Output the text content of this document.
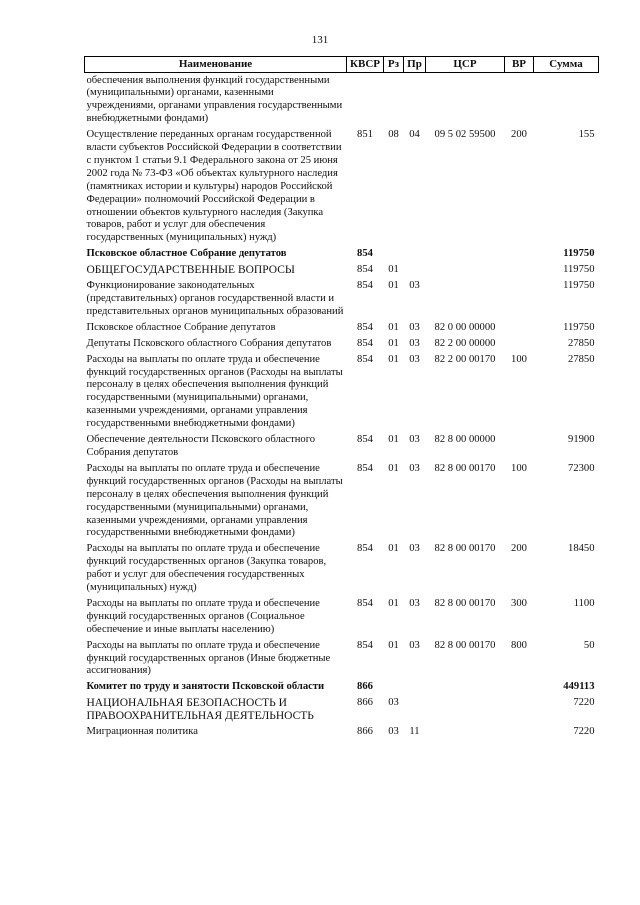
131
Наименование	КВСР	Рз	Пр	ЦСР	ВР	Сумма
обеспечения выполнения функций государственными (муниципальными) органами, казенными учреждениями, органами управления государственными внебюджетными фондами)						
Осуществление переданных органам государственной власти субъектов Российской Федерации в соответствии с пунктом 1 статьи 9.1 Федерального закона от 25 июня 2002 года № 73-ФЗ «Об объектах культурного наследия (памятниках истории и культуры) народов Российской Федерации» полномочий Российской Федерации в отношении объектов культурного наследия (Закупка товаров, работ и услуг для обеспечения государственных (муниципальных) нужд)	851	08	04	09 5 02 59500	200	155
Псковское областное Собрание депутатов	854					119750
ОБЩЕГОСУДАРСТВЕННЫЕ ВОПРОСЫ	854	01				119750
Функционирование законодательных (представительных) органов государственной власти и представительных органов муниципальных образований	854	01	03			119750
Псковское областное Собрание депутатов	854	01	03	82 0 00 00000		119750
Депутаты Псковского областного Собрания депутатов	854	01	03	82 2 00 00000		27850
Расходы на выплаты по оплате труда и обеспечение функций государственных органов (Расходы на выплаты персоналу в целях обеспечения выполнения функций государственными (муниципальными) органами, казенными учреждениями, органами управления государственными внебюджетными фондами)	854	01	03	82 2 00 00170	100	27850
Обеспечение деятельности Псковского областного Собрания депутатов	854	01	03	82 8 00 00000		91900
Расходы на выплаты по оплате труда и обеспечение функций государственных органов (Расходы на выплаты персоналу в целях обеспечения выполнения функций государственными (муниципальными) органами, казенными учреждениями, органами управления государственными внебюджетными фондами)	854	01	03	82 8 00 00170	100	72300
Расходы на выплаты по оплате труда и обеспечение функций государственных органов (Закупка товаров, работ и услуг для обеспечения государственных (муниципальных) нужд)	854	01	03	82 8 00 00170	200	18450
Расходы на выплаты по оплате труда и обеспечение функций государственных органов (Социальное обеспечение и иные выплаты населению)	854	01	03	82 8 00 00170	300	1100
Расходы на выплаты по оплате труда и обеспечение функций государственных органов (Иные бюджетные ассигнования)	854	01	03	82 8 00 00170	800	50
Комитет по труду и занятости Псковской области	866					449113
НАЦИОНАЛЬНАЯ БЕЗОПАСНОСТЬ И ПРАВООХРАНИТЕЛЬНАЯ ДЕЯТЕЛЬНОСТЬ	866	03				7220
Миграционная политика	866	03	11			7220
